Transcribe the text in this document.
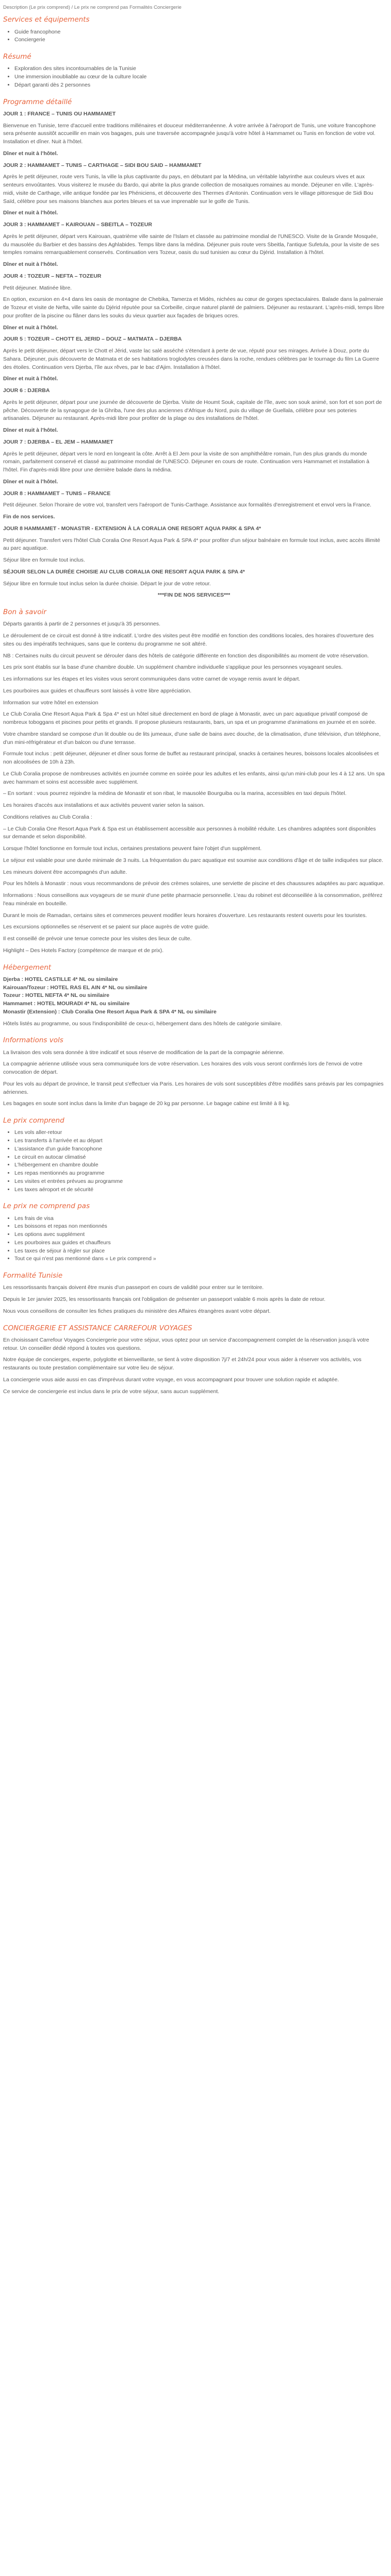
Description (Le prix comprend) / Le prix ne comprend pas Formalités Conciergerie
Services et équipements
• Guide francophone
• Conciergerie
Résumé
• Exploration des sites incontournables de la Tunisie
• Une immersion inoubliable au cœur de la culture locale
• Départ garanti dès 2 personnes
Programme détaillé

JOUR 1 : FRANCE – TUNIS OU HAMMAMET

Bienvenue en Tunisie, terre d'accueil entre traditions millénaires et douceur méditerranéenne. À votre arrivée à l'aéroport de Tunis, une voiture francophone sera présente aussitôt accueillir en main vos bagages, puis une traversée accompagnée jusqu'à votre hôtel à Hammamet ou Tunis en fonction de votre vol. Installation et dîner. Nuit à l'hôtel.

Dîner et nuit à l'hôtel.

JOUR 2 : HAMMAMET – TUNIS – CARTHAGE – SIDI BOU SAID – HAMMAMET

Après le petit déjeuner, route vers Tunis, la ville la plus captivante du pays, en débutant par la Médina, un véritable labyrinthe aux couleurs vives et aux senteurs envoûtantes. Vous visiterez le musée du Bardo, qui abrite la plus grande collection de mosaïques romaines au monde. Déjeuner en ville. L'après-midi, visite de Carthage, ville antique fondée par les Phéniciens, et découverte des Thermes d'Antonin. Continuation vers le village pittoresque de Sidi Bou Saïd, célèbre pour ses maisons blanches aux portes bleues et sa vue imprenable sur le golfe de Tunis.

Dîner et nuit à l'hôtel.

JOUR 3 : HAMMAMET – KAIROUAN – SBEITLA – TOZEUR

Après le petit déjeuner, départ vers Kairouan, quatrième ville sainte de l'Islam et classée au patrimoine mondial de l'UNESCO. Visite de la Grande Mosquée, du mausolée du Barbier et des bassins des Aghlabides. Temps libre dans la médina. Déjeuner puis route vers Sbeitla, l'antique Sufetula, pour la visite de ses temples romains remarquablement conservés. Continuation vers Tozeur, oasis du sud tunisien au cœur du Djérid. Installation à l'hôtel.

Dîner et nuit à l'hôtel.

JOUR 4 : TOZEUR – NEFTA – TOZEUR

Petit déjeuner. Matinée libre.

En option, excursion en 4×4 dans les oasis de montagne de Chebika, Tamerza et Midès, nichées au cœur de gorges spectaculaires. Balade dans la palmeraie de Tozeur et visite de Nefta, ville sainte du Djérid réputée pour sa Corbeille, cirque naturel planté de palmiers. Déjeuner au restaurant. L'après-midi, temps libre pour profiter de la piscine ou flâner dans les souks du vieux quartier aux façades de briques ocres.

Dîner et nuit à l'hôtel.

JOUR 5 : TOZEUR – CHOTT EL JERID – DOUZ – MATMATA – DJERBA

Après le petit déjeuner, départ vers le Chott el Jérid, vaste lac salé asséché s'étendant à perte de vue, réputé pour ses mirages. Arrivée à Douz, porte du Sahara. Déjeuner, puis découverte de Matmata et de ses habitations troglodytes creusées dans la roche, rendues célèbres par le tournage du film La Guerre des étoiles. Continuation vers Djerba, l'île aux rêves, par le bac d'Ajim. Installation à l'hôtel.

Dîner et nuit à l'hôtel.

JOUR 6 : DJERBA

Après le petit déjeuner, départ pour une journée de découverte de Djerba. Visite de Houmt Souk, capitale de l'île, avec son souk animé, son fort et son port de pêche. Découverte de la synagogue de la Ghriba, l'une des plus anciennes d'Afrique du Nord, puis du village de Guellala, célèbre pour ses poteries artisanales. Déjeuner au restaurant. Après-midi libre pour profiter de la plage ou des installations de l'hôtel.

Dîner et nuit à l'hôtel.

JOUR 7 : DJERBA – EL JEM – HAMMAMET

Après le petit déjeuner, départ vers le nord en longeant la côte. Arrêt à El Jem pour la visite de son amphithéâtre romain, l'un des plus grands du monde romain, parfaitement conservé et classé au patrimoine mondial de l'UNESCO. Déjeuner en cours de route. Continuation vers Hammamet et installation à l'hôtel. Fin d'après-midi libre pour une dernière balade dans la médina.

Dîner et nuit à l'hôtel.

JOUR 8 : HAMMAMET – TUNIS – FRANCE

Petit déjeuner. Selon l'horaire de votre vol, transfert vers l'aéroport de Tunis-Carthage. Assistance aux formalités d'enregistrement et envol vers la France.

Fin de nos services.

JOUR 8 HAMMAMET - MONASTIR - EXTENSION À LA CORALIA ONE RESORT AQUA PARK & SPA 4*

Petit déjeuner. Transfert vers l'hôtel Club Coralia One Resort Aqua Park & SPA 4* pour profiter d'un séjour balnéaire en formule tout inclus, avec accès illimité au parc aquatique.

Séjour libre en formule tout inclus.

SÉJOUR SELON LA DURÉE CHOISIE AU CLUB CORALIA ONE RESORT AQUA PARK & SPA 4*

Séjour libre en formule tout inclus selon la durée choisie. Départ le jour de votre retour.

***FIN DE NOS SERVICES***

Bon à savoir

Départs garantis à partir de 2 personnes et jusqu'à 35 personnes.

Le déroulement de ce circuit est donné à titre indicatif. L'ordre des visites peut être modifié en fonction des conditions locales, des horaires d'ouverture des sites ou des impératifs techniques, sans que le contenu du programme ne soit altéré.

NB : Certaines nuits du circuit peuvent se dérouler dans des hôtels de catégorie différente en fonction des disponibilités au moment de votre réservation.

Les prix sont établis sur la base d'une chambre double. Un supplément chambre individuelle s'applique pour les personnes voyageant seules.

Les informations sur les étapes et les visites vous seront communiquées dans votre carnet de voyage remis avant le départ.

Les pourboires aux guides et chauffeurs sont laissés à votre libre appréciation.

Information sur votre hôtel en extension

Le Club Coralia One Resort Aqua Park & Spa 4* est un hôtel situé directement en bord de plage à Monastir, avec un parc aquatique privatif composé de nombreux toboggans et piscines pour petits et grands. Il propose plusieurs restaurants, bars, un spa et un programme d'animations en journée et en soirée.

Votre chambre standard se compose d'un lit double ou de lits jumeaux, d'une salle de bains avec douche, de la climatisation, d'une télévision, d'un téléphone, d'un mini-réfrigérateur et d'un balcon ou d'une terrasse.

Formule tout inclus : petit déjeuner, déjeuner et dîner sous forme de buffet au restaurant principal, snacks à certaines heures, boissons locales alcoolisées et non alcoolisées de 10h à 23h.

Le Club Coralia propose de nombreuses activités en journée comme en soirée pour les adultes et les enfants, ainsi qu'un mini-club pour les 4 à 12 ans. Un spa avec hammam et soins est accessible avec supplément.

– En sortant : vous pourrez rejoindre la médina de Monastir et son ribat, le mausolée Bourguiba ou la marina, accessibles en taxi depuis l'hôtel.

Les horaires d'accès aux installations et aux activités peuvent varier selon la saison.

Conditions relatives au Club Coralia :

– Le Club Coralia One Resort Aqua Park & Spa est un établissement accessible aux personnes à mobilité réduite. Les chambres adaptées sont disponibles sur demande et selon disponibilité.

Lorsque l'hôtel fonctionne en formule tout inclus, certaines prestations peuvent faire l'objet d'un supplément.

Le séjour est valable pour une durée minimale de 3 nuits. La fréquentation du parc aquatique est soumise aux conditions d'âge et de taille indiquées sur place.

Les mineurs doivent être accompagnés d'un adulte.

Pour les hôtels à Monastir : nous vous recommandons de prévoir des crèmes solaires, une serviette de piscine et des chaussures adaptées au parc aquatique.

Informations : Nous conseillons aux voyageurs de se munir d'une petite pharmacie personnelle. L'eau du robinet est déconseillée à la consommation, préférez l'eau minérale en bouteille.

Durant le mois de Ramadan, certains sites et commerces peuvent modifier leurs horaires d'ouverture. Les restaurants restent ouverts pour les touristes.

Les excursions optionnelles se réservent et se paient sur place auprès de votre guide.

Il est conseillé de prévoir une tenue correcte pour les visites des lieux de culte.

Highlight – Des Hotels Factory (compétence de marque et de prix).

Hébergement

Djerba : HOTEL CASTILLE 4* NL ou similaire

Kairouan/Tozeur : HOTEL RAS EL AIN 4* NL ou similaire

Tozeur : HOTEL NEFTA 4* NL ou similaire

Hammamet : HOTEL MOURADI 4* NL ou similaire

Monastir (Extension) : Club Coralia One Resort Aqua Park & SPA 4* NL ou similaire

Hôtels listés au programme, ou sous l'indisponibilité de ceux-ci, hébergement dans des hôtels de catégorie similaire.

Informations vols

La livraison des vols sera donnée à titre indicatif et sous réserve de modification de la part de la compagnie aérienne.

La compagnie aérienne utilisée vous sera communiquée lors de votre réservation. Les horaires des vols vous seront confirmés lors de l'envoi de votre convocation de départ.

Pour les vols au départ de province, le transit peut s'effectuer via Paris. Les horaires de vols sont susceptibles d'être modifiés sans préavis par les compagnies aériennes.

Les bagages en soute sont inclus dans la limite d'un bagage de 20 kg par personne. Le bagage cabine est limité à 8 kg.

Le prix comprend
• Les vols aller-retour
• Les transferts à l'arrivée et au départ
• L'assistance d'un guide francophone
• Le circuit en autocar climatisé
• L'hébergement en chambre double
• Les repas mentionnés au programme
• Les visites et entrées prévues au programme
• Les taxes aéroport et de sécurité
Le prix ne comprend pas
• Les frais de visa
• Les boissons et repas non mentionnés
• Les options avec supplément
• Les pourboires aux guides et chauffeurs
• Les taxes de séjour à régler sur place
• Tout ce qui n'est pas mentionné dans « Le prix comprend »
Formalité Tunisie

Les ressortissants français doivent être munis d'un passeport en cours de validité pour entrer sur le territoire.

Depuis le 1er janvier 2025, les ressortissants français ont l'obligation de présenter un passeport valable 6 mois après la date de retour.

Nous vous conseillons de consulter les fiches pratiques du ministère des Affaires étrangères avant votre départ.

CONCIERGERIE ET ASSISTANCE CARREFOUR VOYAGES

En choisissant Carrefour Voyages Conciergerie pour votre séjour, vous optez pour un service d'accompagnement complet de la réservation jusqu'à votre retour. Un conseiller dédié répond à toutes vos questions.

Notre équipe de concierges, experte, polyglotte et bienveillante, se tient à votre disposition 7j/7 et 24h/24 pour vous aider à réserver vos activités, vos restaurants ou toute prestation complémentaire sur votre lieu de séjour.

La conciergerie vous aide aussi en cas d'imprévus durant votre voyage, en vous accompagnant pour trouver une solution rapide et adaptée.

Ce service de conciergerie est inclus dans le prix de votre séjour, sans aucun supplément.
